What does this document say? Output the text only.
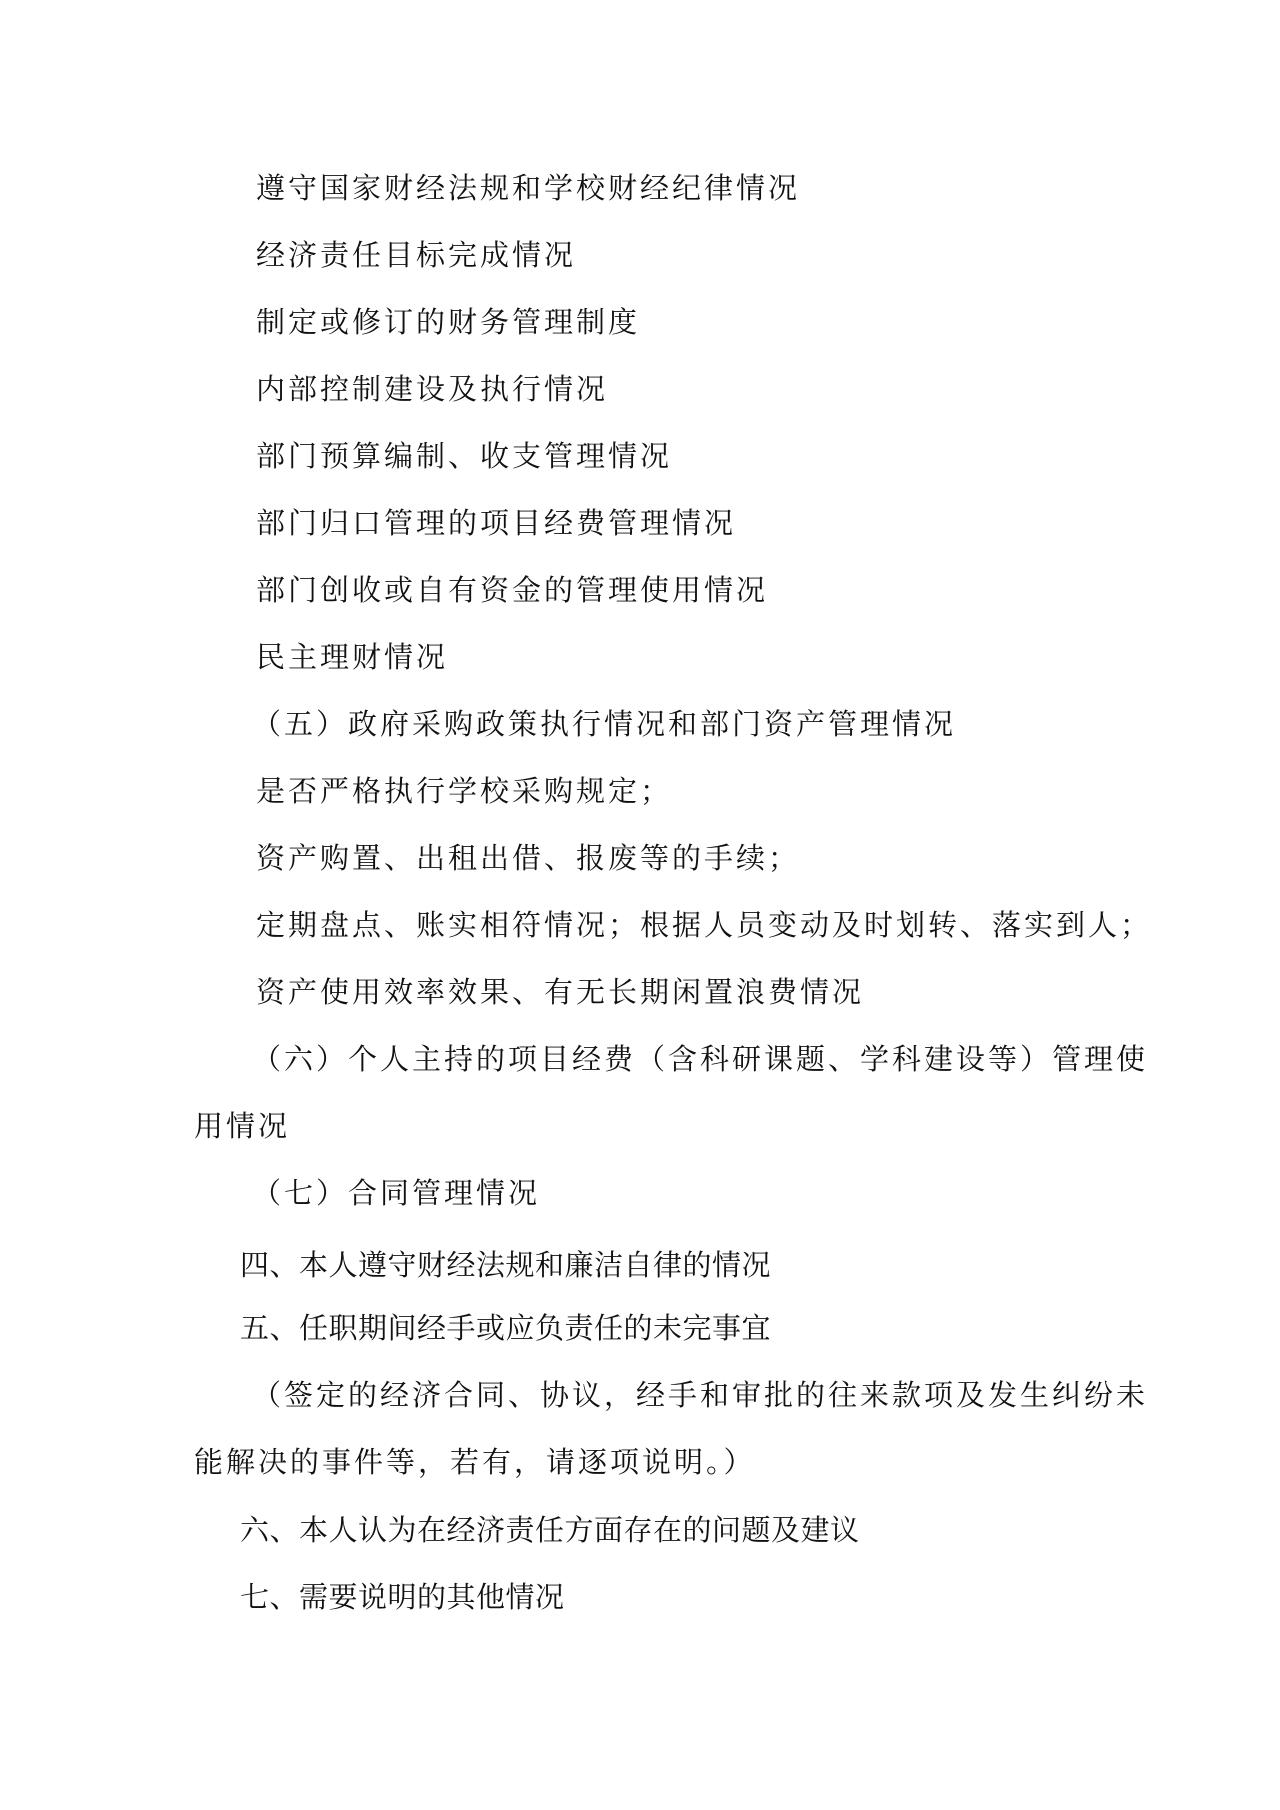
遵守国家财经法规和学校财经纪律情况

经济责任目标完成情况

制定或修订的财务管理制度

内部控制建设及执行情况

部门预算编制、收支管理情况

部门归口管理的项目经费管理情况

部门创收或自有资金的管理使用情况

民主理财情况

（五）政府采购政策执行情况和部门资产管理情况

是否严格执行学校采购规定；

资产购置、出租出借、报废等的手续；

定期盘点、账实相符情况；根据人员变动及时划转、落实到人；

资产使用效率效果、有无长期闲置浪费情况

（六）个人主持的项目经费（含科研课题、学科建设等）管理使

用情况

（七）合同管理情况

四、本人遵守财经法规和廉洁自律的情况

五、任职期间经手或应负责任的未完事宜

（签定的经济合同、协议，经手和审批的往来款项及发生纠纷未

能解决的事件等，若有，请逐项说明。）

六、本人认为在经济责任方面存在的问题及建议

七、需要说明的其他情况
